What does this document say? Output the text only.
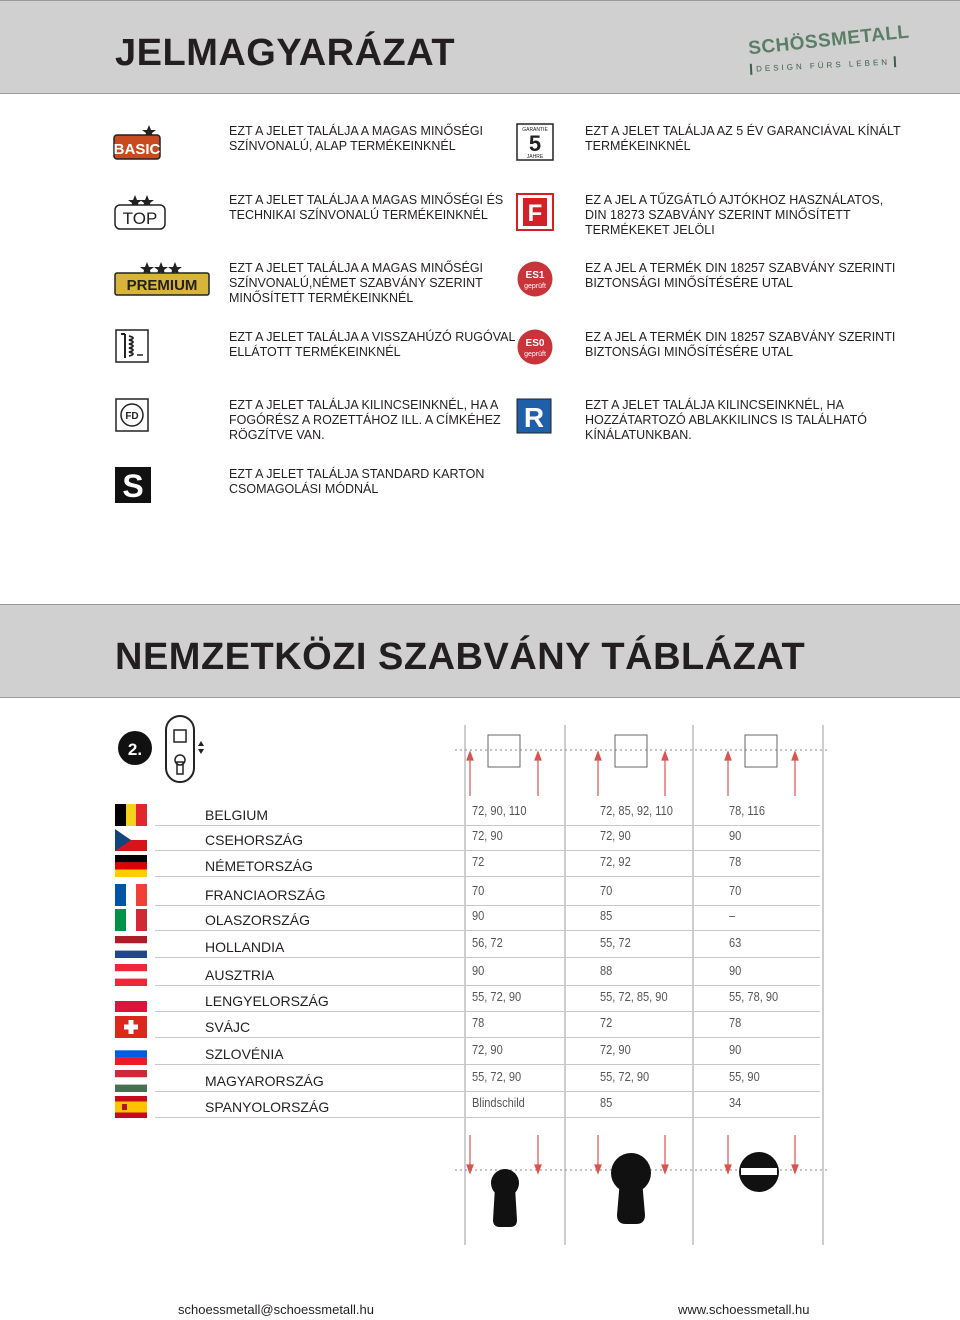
JELMAGYARÁZAT	SCHÖSSMETALL
DESIGN FÜRS LEBEN
BASIC
EZT A JELET TALÁLJA A MAGAS MINŐSÉGI SZÍNVONALÚ, ALAP TERMÉKEINKNÉL
TOP
EZT A JELET TALÁLJA A MAGAS MINŐSÉGI ÉS TECHNIKAI SZÍNVONALÚ TERMÉKEINKNÉL
PREMIUM
EZT A JELET TALÁLJA A MAGAS MINŐSÉGI SZÍNVONALÚ,NÉMET SZABVÁNY SZERINT MINŐSÍTETT TERMÉKEINKNÉL
EZT A JELET TALÁLJA A VISSZAHÚZÓ RUGÓVAL ELLÁTOTT TERMÉKEINKNÉL
FD
EZT A JELET TALÁLJA KILINCSEINKNÉL, HA A FOGÓRÉSZ A ROZETTÁHOZ ILL. A CÍMKÉHEZ RÖGZÍTVE VAN.
S	EZT A JELET TALÁLJA STANDARD KARTON CSOMAGOLÁSI MÓDNÁL
GARANTIE
5
JAHRE
EZT A JELET TALÁLJA AZ 5 ÉV GARANCIÁVAL KÍNÁLT TERMÉKEINKNÉL
F	EZ A JEL A TŰZGÁTLÓ AJTÓKHOZ HASZNÁLATOS, DIN 18273 SZABVÁNY SZERINT MINŐSÍTETT TERMÉKEKET JELÖLI
ES1
geprüft
EZ A JEL A TERMÉK DIN 18257 SZABVÁNY SZERINTI BIZTONSÁGI MINŐSÍTÉSÉRE UTAL
ES0
geprüft
EZ A JEL A TERMÉK DIN 18257 SZABVÁNY SZERINTI BIZTONSÁGI MINŐSÍTÉSÉRE UTAL
R	EZT A JELET TALÁLJA KILINCSEINKNÉL, HA HOZZÁTARTOZÓ ABLAKKILINCS IS TALÁLHATÓ KÍNÁLATUNKBAN.
NEMZETKÖZI SZABVÁNY TÁBLÁZAT
2.
BELGIUM	72, 90, 110	72, 85, 92, 110	78, 116
CSEHORSZÁG	72, 90	72, 90	90
NÉMETORSZÁG	72	72, 92	78
FRANCIAORSZÁG	70	70	70
OLASZORSZÁG	90	85	–
HOLLANDIA	56, 72	55, 72	63
AUSZTRIA	90	88	90
LENGYELORSZÁG	55, 72, 90	55, 72, 85, 90	55, 78, 90
SVÁJC	78	72	78
SZLOVÉNIA	72, 90	72, 90	90
MAGYARORSZÁG	55, 72, 90	55, 72, 90	55, 90
SPANYOLORSZÁG	Blindschild	85	34
schoessmetall@schoessmetall.hu	www.schoessmetall.hu
